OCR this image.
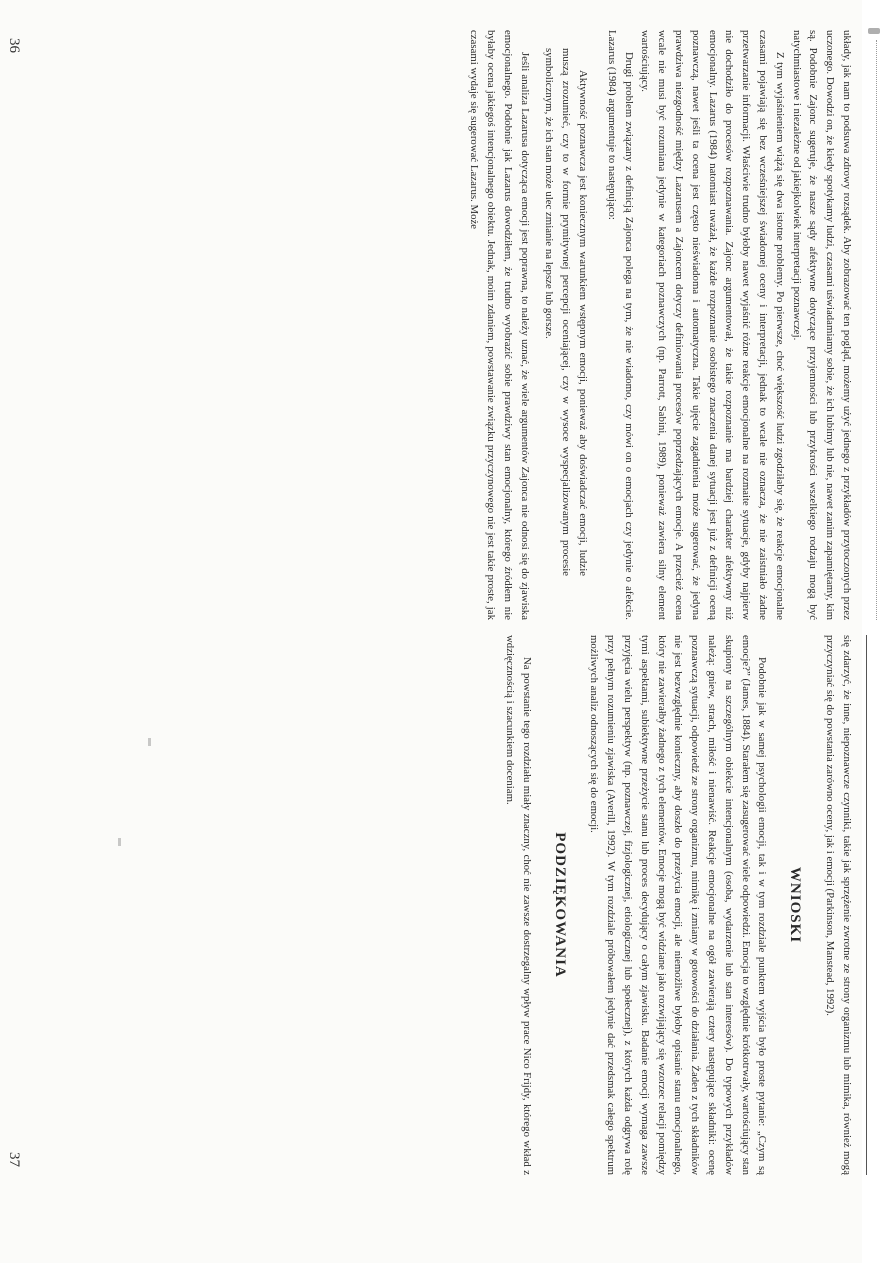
układy, jak nam to podsuwa zdrowy rozsądek. Aby zobrazować ten pogląd, możemy użyć jednego z przykładów przytoczonych przez uczonego. Dowodzi on, że kiedy spotykamy ludzi, czasami uświadamiamy sobie, że ich lubimy lub nie, nawet zanim zapamiętamy, kim są. Podobnie Zajonc sugeruje, że nasze sądy afektywne dotyczące przyjemności lub przykrości wszelkiego rodzaju mogą być natychmiastowe i niezależne od jakiejkolwiek interpretacji poznawczej.

Z tym wyjaśnieniem wiążą się dwa istotne problemy. Po pierwsze, choć większość ludzi zgodziłaby się, że reakcje emocjonalne czasami pojawiają się bez wcześniejszej świadomej oceny i interpretacji, jednak to wcale nie oznacza, że nie zaistniało żadne przetwarzanie informacji. Właściwie trudno byłoby nawet wyjaśnić różne reakcje emocjonalne na rozmaite sytuacje, gdyby najpierw nie dochodziło do procesów rozpoznawania. Zajonc argumentował, że takie rozpoznanie ma bardziej charakter afektywny niż emocjonalny. Lazarus (1984) natomiast uważał, że każde rozpoznanie osobistego znaczenia danej sytuacji jest już z definicji oceną poznawczą, nawet jeśli ta ocena jest często nieświadoma i automatyczna. Takie ujęcie zagadnienia może sugerować, że jedyna prawdziwa niezgodność między Lazarusem a Zajoncem dotyczy definiowania procesów poprzedzających emocje. A przecież ocena wcale nie musi być rozumiana jedynie w kategoriach poznawczych (np. Parrott, Sabini, 1989), ponieważ zawiera silny element wartościujący.

Drugi problem związany z definicją Zajonca polega na tym, że nie wiadomo, czy mówi on o emocjach czy jedynie o afekcie. Lazarus (1984) argumentuje to następująco:

Aktywność poznawcza jest koniecznym warunkiem wstępnym emocji, ponieważ aby doświadczać emocji, ludzie muszą zrozumieć, czy to w formie prymitywnej percepcji oceniającej, czy w wysoce wyspecjalizowanym procesie symbolicznym, że ich stan może ulec zmianie na lepsze lub gorsze.

Jeśli analiza Lazarusa dotycząca emocji jest poprawna, to należy uznać, że wiele argumentów Zajonca nie odnosi się do zjawiska emocjonalnego. Podobnie jak Lazarus dowodziłem, że trudno wyobrazić sobie prawdziwy stan emocjonalny, którego źródłem nie byłaby ocena jakiegoś intencjonalnego obiektu. Jednak, moim zdaniem, powstawanie związku przyczynowego nie jest takie proste, jak czasami wydaje się sugerować Lazarus. Może

36

się zdarzyć, że inne, niepoznawcze czynniki, takie jak sprzężenie zwrotne ze strony organizmu lub mimika, również mogą przyczyniać się do powstania zarówno oceny, jak i emocji (Parkinson, Manstead, 1992).

WNIOSKI

Podobnie jak w samej psychologii emocji, tak i w tym rozdziale punktem wyjścia było proste pytanie: „Czym są emocje?” (James, 1884). Starałem się zasugerować wiele odpowiedzi. Emocja to względnie krótkotrwały, wartościujący stan skupiony na szczególnym obiekcie intencjonalnym (osoba, wydarzenie lub stan interesów). Do typowych przykładów należą: gniew, strach, miłość i nienawiść. Reakcje emocjonalne na ogół zawierają cztery następujące składniki: ocenę poznawczą sytuacji, odpowiedź ze strony organizmu, mimikę i zmiany w gotowości do działania. Żaden z tych składników nie jest bezwzględnie konieczny, aby doszło do przeżycia emocji, ale niemożliwe byłoby opisanie stanu emocjonalnego, który nie zawierałby żadnego z tych elementów. Emocje mogą być widziane jako rozwijający się wzorzec relacji pomiędzy tymi aspektami, subiektywne przeżycie stanu lub proces decydujący o całym zjawisku. Badanie emocji wymaga zawsze przyjęcia wielu perspektyw (np. poznawczej, fizjologicznej, etiologicznej lub społecznej), z których każda odgrywa rolę przy pełnym rozumieniu zjawiska (Averill, 1992). W tym rozdziale próbowałem jedynie dać przedsmak całego spektrum możliwych analiz odnoszących się do emocji.

PODZIĘKOWANIA

Na powstanie tego rozdziału miały znaczny, choć nie zawsze dostrzegalny wpływ prace Nico Frijdy, którego wkład z wdzięcznością i szacunkiem doceniam.

37
